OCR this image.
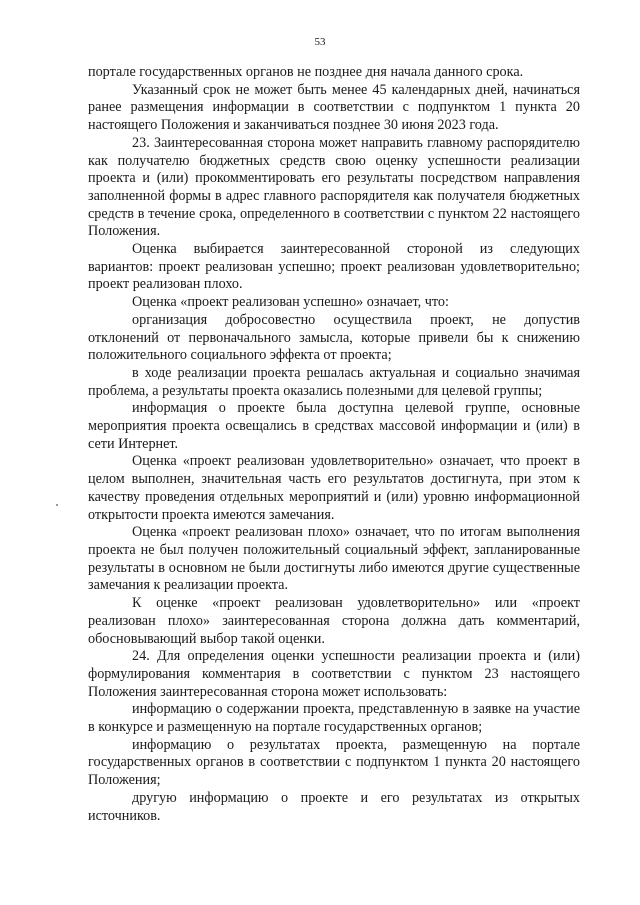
53

портале государственных органов не позднее дня начала данного срока.

Указанный срок не может быть менее 45 календарных дней, начинаться ранее размещения информации в соответствии с подпунктом 1 пункта 20 настоящего Положения и заканчиваться позднее 30 июня 2023 года.

23. Заинтересованная сторона может направить главному распорядителю как получателю бюджетных средств свою оценку успешности реализации проекта и (или) прокомментировать его результаты посредством направления заполненной формы в адрес главного распорядителя как получателя бюджетных средств в течение срока, определенного в соответствии с пунктом 22 настоящего Положения.

Оценка выбирается заинтересованной стороной из следующих вариантов: проект реализован успешно; проект реализован удовлетворительно; проект реализован плохо.

Оценка «проект реализован успешно» означает, что:

организация добросовестно осуществила проект, не допустив отклонений от первоначального замысла, которые привели бы к снижению положительного социального эффекта от проекта;

в ходе реализации проекта решалась актуальная и социально значимая проблема, а результаты проекта оказались полезными для целевой группы;

информация о проекте была доступна целевой группе, основные мероприятия проекта освещались в средствах массовой информации и (или) в сети Интернет.

Оценка «проект реализован удовлетворительно» означает, что проект в целом выполнен, значительная часть его результатов достигнута, при этом к качеству проведения отдельных мероприятий и (или) уровню информационной открытости проекта имеются замечания.

Оценка «проект реализован плохо» означает, что по итогам выполнения проекта не был получен положительный социальный эффект, запланированные результаты в основном не были достигнуты либо имеются другие существенные замечания к реализации проекта.

К оценке «проект реализован удовлетворительно» или «проект реализован плохо» заинтересованная сторона должна дать комментарий, обосновывающий выбор такой оценки.

24. Для определения оценки успешности реализации проекта и (или) формулирования комментария в соответствии с пунктом 23 настоящего Положения заинтересованная сторона может использовать:

информацию о содержании проекта, представленную в заявке на участие в конкурсе и размещенную на портале государственных органов;

информацию о результатах проекта, размещенную на портале государственных органов в соответствии с подпунктом 1 пункта 20 настоящего Положения;

другую информацию о проекте и его результатах из открытых источников.
